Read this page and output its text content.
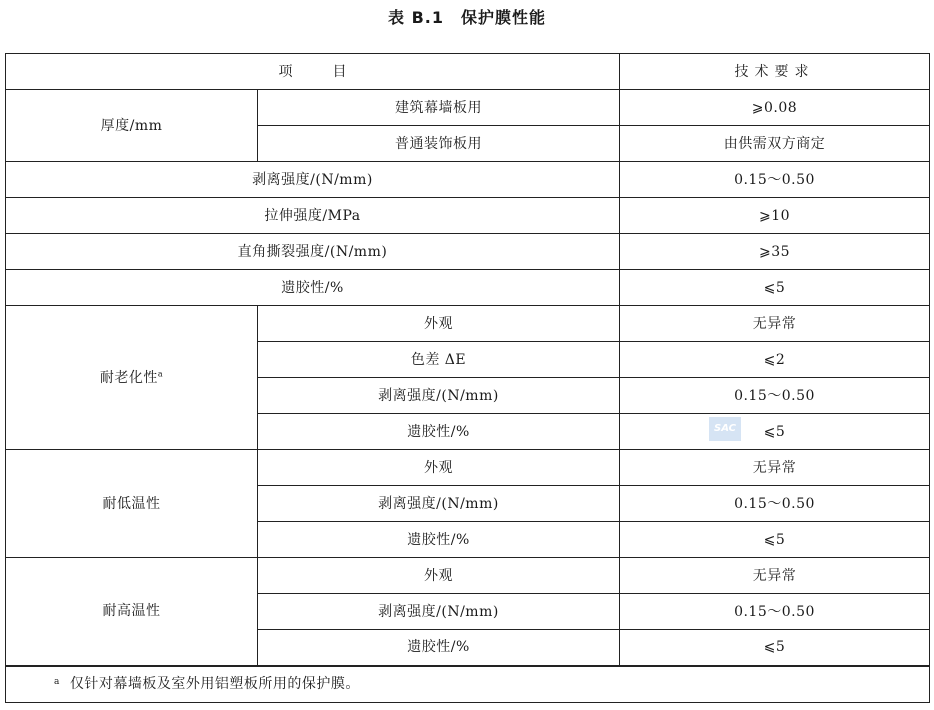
表 B.1　保护膜性能
项 目		技术要求
厚度/mm	建筑幕墙板用	⩾0.08
	普通装饰板用	由供需双方商定
剥离强度/(N/mm)		0.15～0.50
拉伸强度/MPa		⩾10
直角撕裂强度/(N/mm)		⩾35
遗胶性/%		⩽5
耐老化性$^a$	外观	无异常
	色差 ΔE	⩽2
	剥离强度/(N/mm)	0.15～0.50
	遗胶性/%	⩽5
耐低温性	外观	无异常
	剥离强度/(N/mm)	0.15～0.50
	遗胶性/%	⩽5
耐高温性	外观	无异常
	剥离强度/(N/mm)	0.15～0.50
	遗胶性/%	⩽5
$^a$ 仅针对幕墙板及室外用铝塑板所用的保护膜。		
SAC
